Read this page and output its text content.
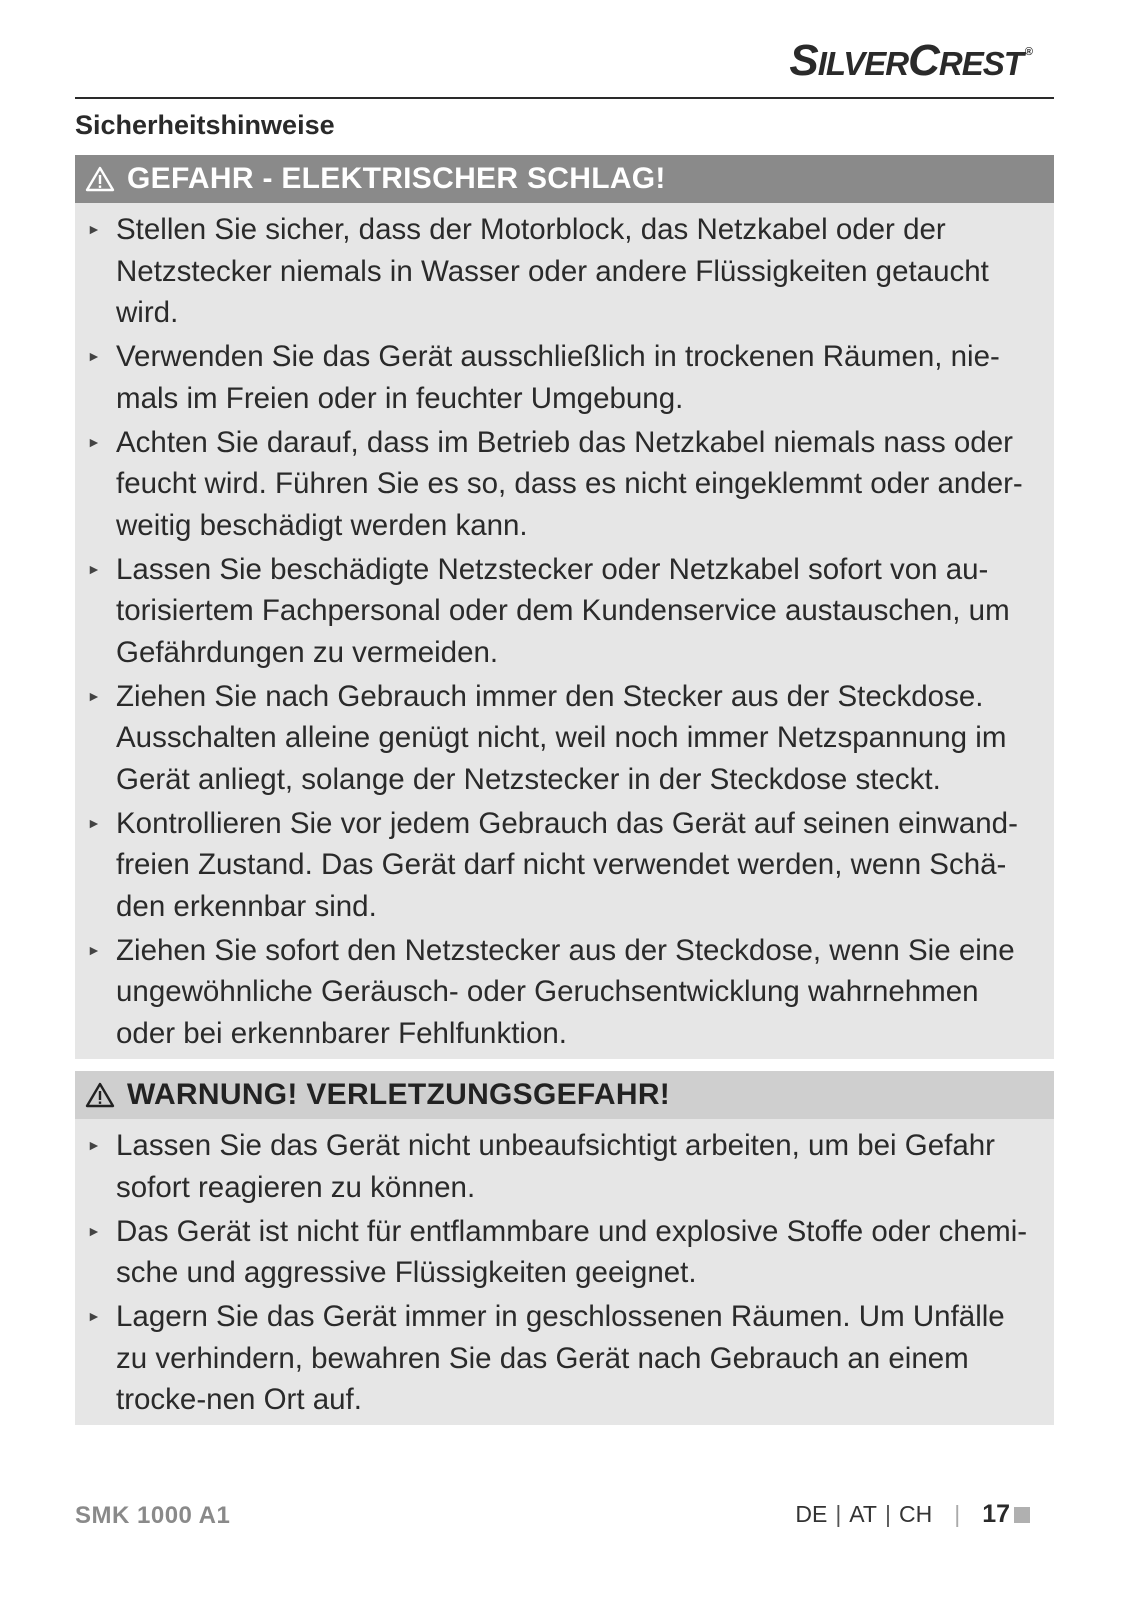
SILVERCREST ®
Sicherheitshinweise
GEFAHR - ELEKTRISCHER SCHLAG!
► Stellen Sie sicher, dass der Motorblock, das Netzkabel oder der Netzstecker niemals in Wasser oder andere Flüssigkeiten getaucht wird.
► Verwenden Sie das Gerät ausschließlich in trockenen Räumen, nie-​mals im Freien oder in feuchter Umgebung.
► Achten Sie darauf, dass im Betrieb das Netzkabel niemals nass oder feucht wird. Führen Sie es so, dass es nicht eingeklemmt oder ander-​weitig beschädigt werden kann.
► Lassen Sie beschädigte Netzstecker oder Netzkabel sofort von au-​torisiertem Fachpersonal oder dem Kundenservice austauschen, um Gefährdungen zu vermeiden.
► Ziehen Sie nach Gebrauch immer den Stecker aus der Steckdose. Ausschalten alleine genügt nicht, weil noch immer Netzspannung im Gerät anliegt, solange der Netzstecker in der Steckdose steckt.
► Kontrollieren Sie vor jedem Gebrauch das Gerät auf seinen einwand-​freien Zustand. Das Gerät darf nicht verwendet werden, wenn Schä-​den erkennbar sind.
► Ziehen Sie sofort den Netzstecker aus der Steckdose, wenn Sie eine ungewöhnliche Geräusch- oder Geruchsentwicklung wahrnehmen oder bei erkennbarer Fehlfunktion.
WARNUNG! VERLETZUNGSGEFAHR!
► Lassen Sie das Gerät nicht unbeaufsichtigt arbeiten, um bei Gefahr sofort reagieren zu können.
► Das Gerät ist nicht für entflammbare und explosive Stoffe oder chemi-​sche und aggressive Flüssigkeiten geeignet.
► Lagern Sie das Gerät immer in geschlossenen Räumen. Um Unfälle zu verhindern, bewahren Sie das Gerät nach Gebrauch an einem trocke-​nen Ort auf.
SMK 1000 A1	DE | AT | CH | 17
